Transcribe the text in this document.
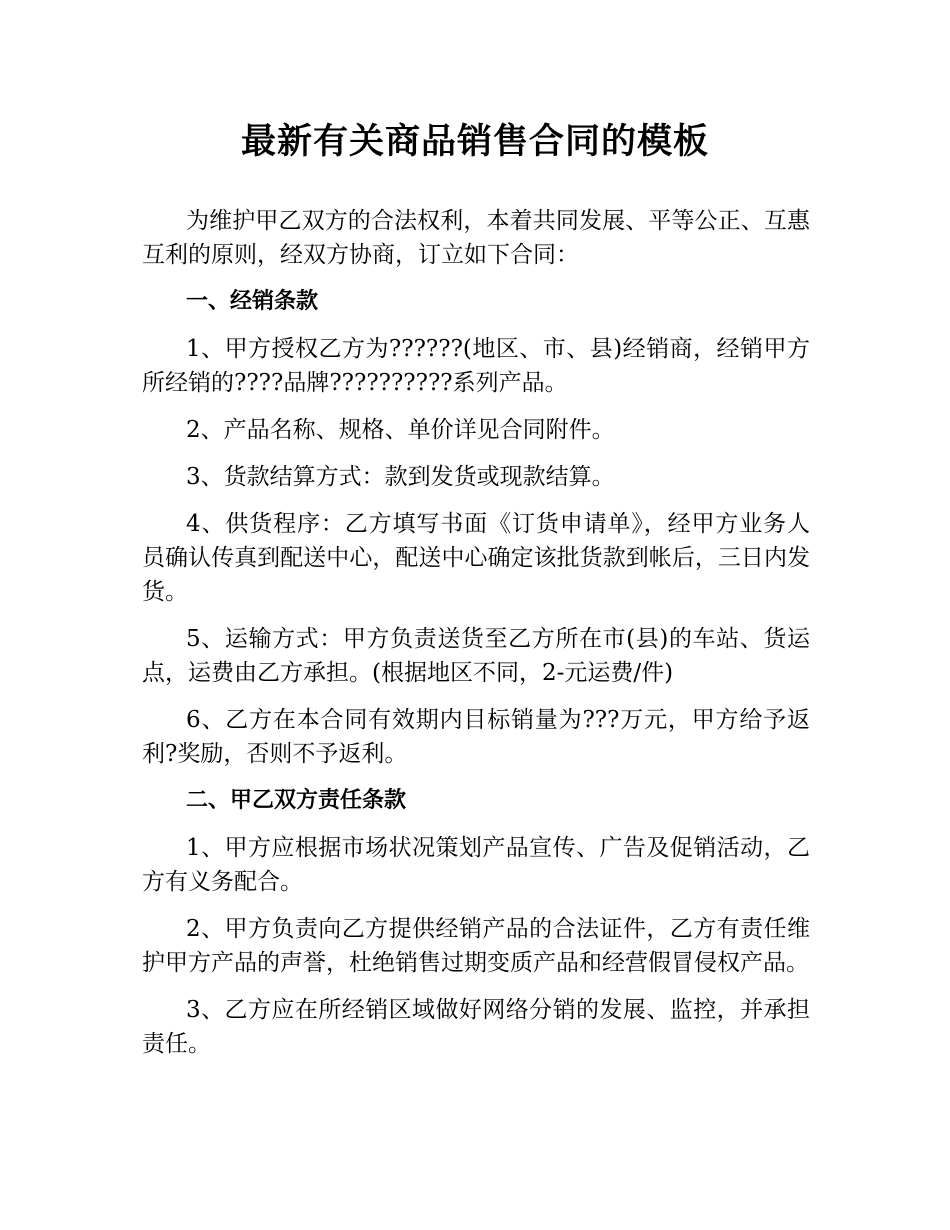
最新有关商品销售合同的模板

为维护甲乙双方的合法权利，本着共同发展、平等公正、互惠互利的原则，经双方协商，订立如下合同：

一、经销条款

1、甲方授权乙方为??????(地区、市、县)经销商，经销甲方所经销的????品牌??????????系列产品。

2、产品名称、规格、单价详见合同附件。

3、货款结算方式：款到发货或现款结算。

4、供货程序：乙方填写书面《订货申请单》，经甲方业务人员确认传真到配送中心，配送中心确定该批货款到帐后，三日内发货。

5、运输方式：甲方负责送货至乙方所在市(县)的车站、货运点，运费由乙方承担。(根据地区不同，2-元运费/件)

6、乙方在本合同有效期内目标销量为???万元，甲方给予返利?奖励，否则不予返利。

二、甲乙双方责任条款

1、甲方应根据市场状况策划产品宣传、广告及促销活动，乙方有义务配合。

2、甲方负责向乙方提供经销产品的合法证件，乙方有责任维护甲方产品的声誉，杜绝销售过期变质产品和经营假冒侵权产品。

3、乙方应在所经销区域做好网络分销的发展、监控，并承担责任。
